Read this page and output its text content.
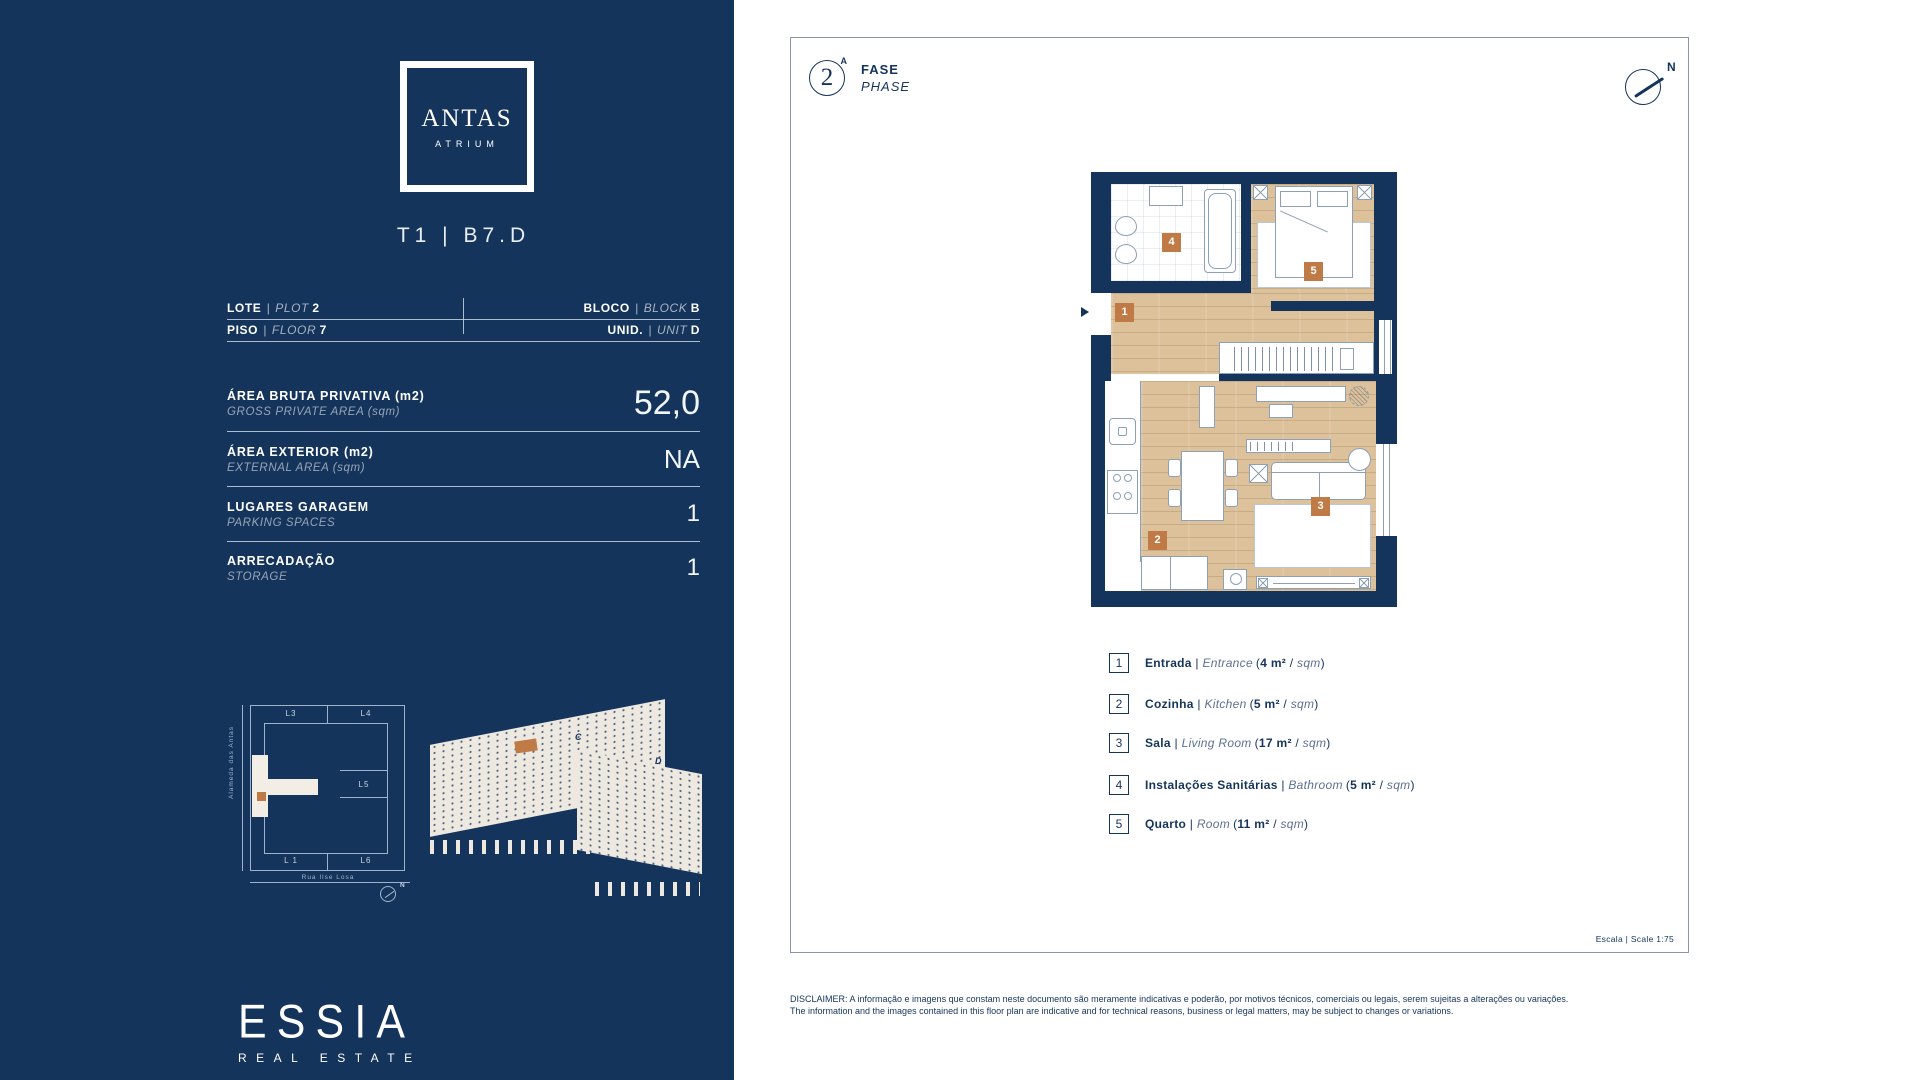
ANTAS
ATRIUM
T1 | B7.D
LOTE | PLOT 2	BLOCO | BLOCK B
PISO | FLOOR 7	UNID. | UNIT D
ÁREA BRUTA PRIVATIVA (m2)
GROSS PRIVATE AREA (sqm)	52,0
ÁREA EXTERIOR (m2)
EXTERNAL AREA (sqm)	NA
LUGARES GARAGEM
PARKING SPACES	1
ARRECADAÇÃO
STORAGE	1
Alameda das Antas
L3	L4
L5
L 1	L6
Rua Ilse Losa
N
B
A
C
D
ESSIA
REAL ESTATE
2
A
FASE
PHASE
N
1
2
3
4
5
1	Entrada | Entrance (4 m² / sqm)
2	Cozinha | Kitchen (5 m² / sqm)
3	Sala | Living Room (17 m² / sqm)
4	Instalações Sanitárias | Bathroom (5 m² / sqm)
5	Quarto | Room (11 m² / sqm)
Escala | Scale 1:75
DISCLAIMER: A informação e imagens que constam neste documento são meramente indicativas e poderão, por motivos técnicos, comerciais ou legais, serem sujeitas a alterações ou variações.
The information and the images contained in this floor plan are indicative and for technical reasons, business or legal matters, may be subject to changes or variations.
